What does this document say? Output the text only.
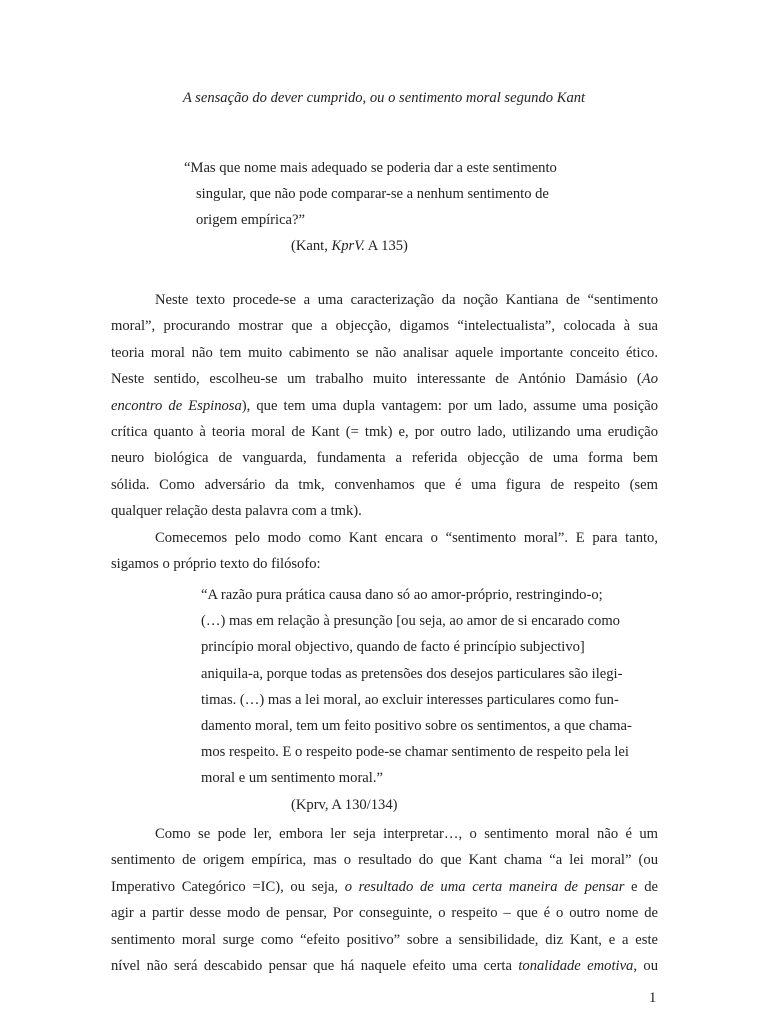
A sensação do dever cumprido, ou o sentimento moral segundo Kant
“Mas que nome mais adequado se poderia dar a este sentimento
singular, que não pode comparar-se a nenhum sentimento de
origem empírica?”
(Kant, KprV. A 135)
Neste texto procede-se a uma caracterização da noção Kantiana de “sentimento
moral”, procurando mostrar que a objecção, digamos “intelectualista”, colocada à sua
teoria moral não tem muito cabimento se não analisar aquele importante conceito ético.
Neste sentido, escolheu-se um trabalho muito interessante de António Damásio (Ao
encontro de Espinosa), que tem uma dupla vantagem: por um lado, assume uma posição
crítica quanto à teoria moral de Kant (= tmk) e, por outro lado, utilizando uma erudição
neuro biológica de vanguarda, fundamenta a referida objecção de uma forma bem
sólida. Como adversário da tmk, convenhamos que é uma figura de respeito (sem
qualquer relação desta palavra com a tmk).
Comecemos pelo modo como Kant encara o “sentimento moral”. E para tanto,
sigamos o próprio texto do filósofo:
“A razão pura prática causa dano só ao amor-próprio, restringindo-o;
(…) mas em relação à presunção [ou seja, ao amor de si encarado como
princípio moral objectivo, quando de facto é princípio subjectivo]
aniquila-a, porque todas as pretensões dos desejos particulares são ilegi-
timas. (…) mas a lei moral, ao excluir interesses particulares como fun-
damento moral, tem um feito positivo sobre os sentimentos, a que chama-
mos respeito. E o respeito pode-se chamar sentimento de respeito pela lei
moral e um sentimento moral.”
(Kprv, A 130/134)
Como se pode ler, embora ler seja interpretar…, o sentimento moral não é um
sentimento de origem empírica, mas o resultado do que Kant chama “a lei moral” (ou
Imperativo Categórico =IC), ou seja, o resultado de uma certa maneira de pensar e de
agir a partir desse modo de pensar, Por conseguinte, o respeito – que é o outro nome de
sentimento moral surge como “efeito positivo” sobre a sensibilidade, diz Kant, e a este
nível não será descabido pensar que há naquele efeito uma certa tonalidade emotiva, ou
1
